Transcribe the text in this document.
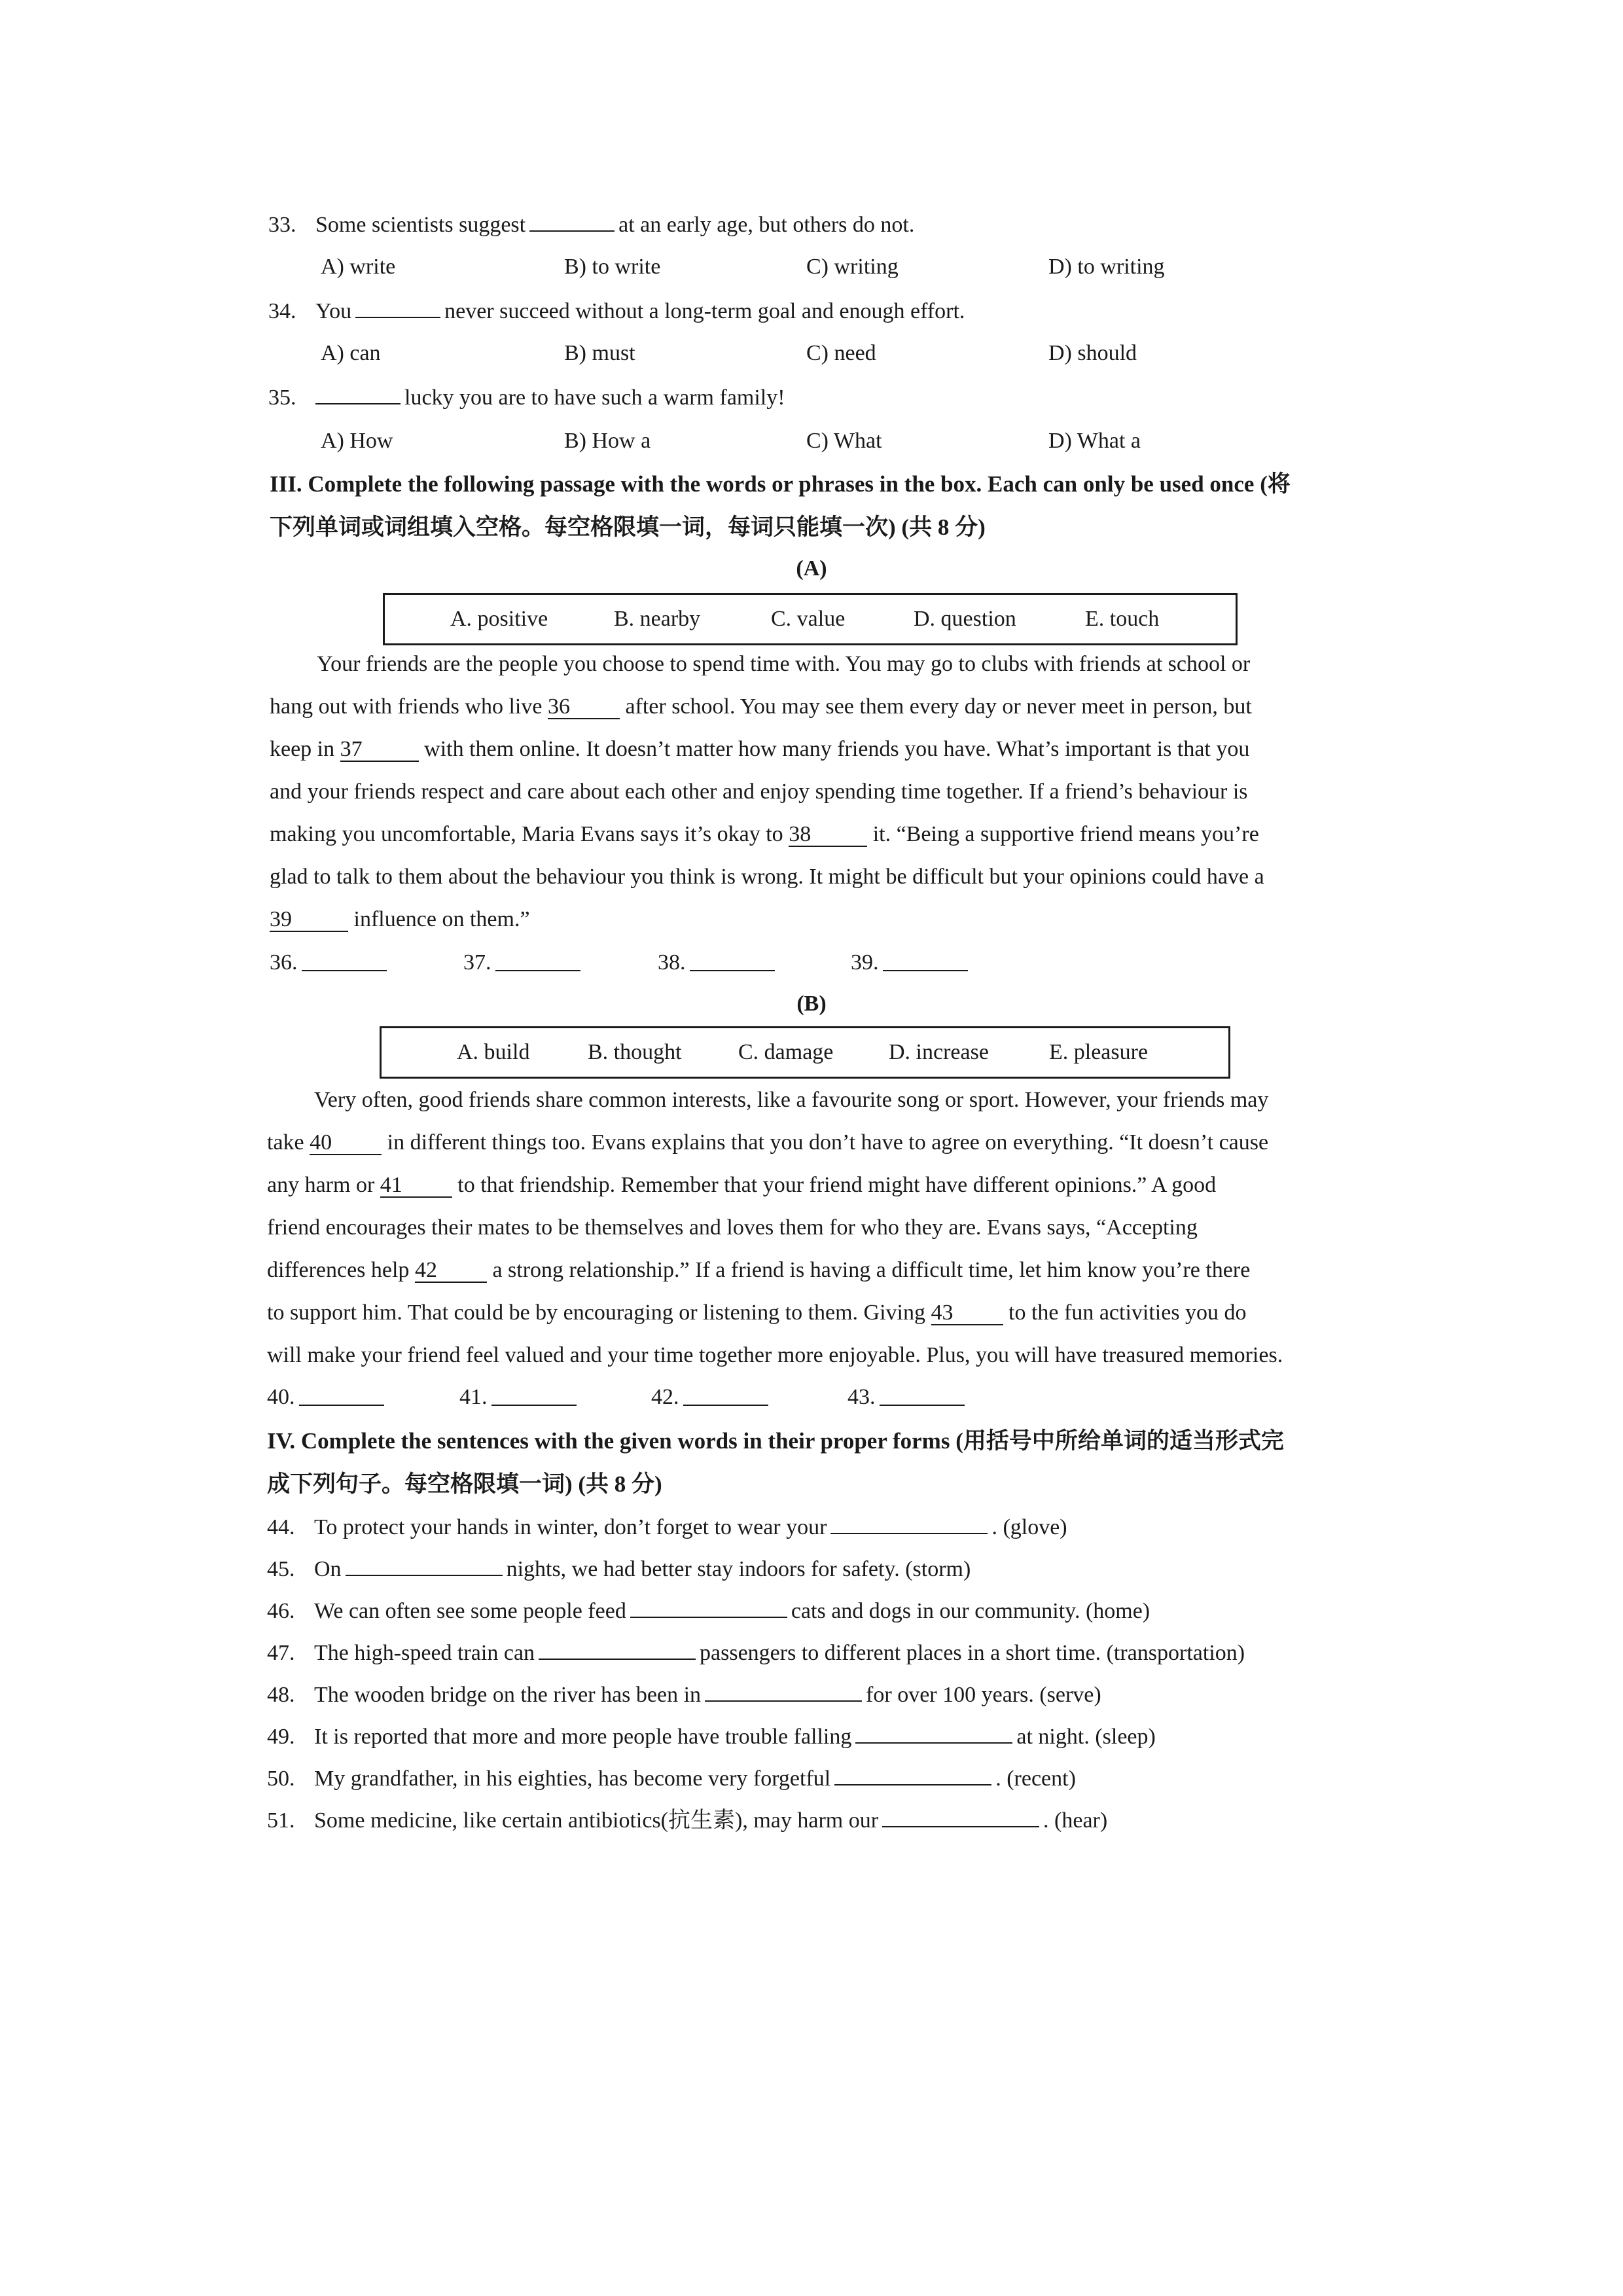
33. Some scientists suggest	at an early age, but others do not.
A) write	B) to write	C) writing	D) to writing
34. You	never succeed without a long-term goal and enough effort.
A) can	B) must	C) need	D) should
35.	lucky you are to have such a warm family!
A) How	B) How a	C) What	D) What a
III. Complete the following passage with the words or phrases in the box. Each can only be used once (将
下列单词或词组填入空格。每空格限填一词，每词只能填一次) (共 8 分)
(A)
A. positive	B. nearby	C. value	D. question	E. touch

Your friends are the people you choose to spend time with. You may go to clubs with friends at school or

hang out with friends who live 36 after school. You may see them every day or never meet in person, but

keep in 37	with them online. It doesn’t matter how many friends you have. What’s important is that you

and your friends respect and care about each other and enjoy spending time together. If a friend’s behaviour is

making you uncomfortable, Maria Evans says it’s okay to 38	it. “Being a supportive friend means you’re

glad to talk to them about the behaviour you think is wrong. It might be difficult but your opinions could have a

39	influence on them.”

36.	37.	38.	39.
(B)
A. build	B. thought	C. damage D. increase	E. pleasure

Very often, good friends share common interests, like a favourite song or sport. However, your friends may

take 40 in different things too. Evans explains that you don’t have to agree on everything. “It doesn’t cause

any harm or 41 to that friendship. Remember that your friend might have different opinions.” A good

friend encourages their mates to be themselves and loves them for who they are. Evans says, “Accepting

differences help 42 a strong relationship.” If a friend is having a difficult time, let him know you’re there

to support him. That could be by encouraging or listening to them. Giving 43 to the fun activities you do

will make your friend feel valued and your time together more enjoyable. Plus, you will have treasured memories.

40.	41.	42.	43.
IV. Complete the sentences with the given words in their proper forms (用括号中所给单词的适当形式完
成下列句子。每空格限填一词) (共 8 分)
44. To protect your hands in winter, don’t forget to wear your	. (glove)
45. On	nights, we had better stay indoors for safety. (storm)
46. We can often see some people feed	cats and dogs in our community. (home)
47. The high-speed train can	passengers to different places in a short time. (transportation)
48. The wooden bridge on the river has been in	for over 100 years. (serve)
49. It is reported that more and more people have trouble falling	at night. (sleep)
50. My grandfather, in his eighties, has become very forgetful	. (recent)
51. Some medicine, like certain antibiotics(抗生素), may harm our	. (hear)
